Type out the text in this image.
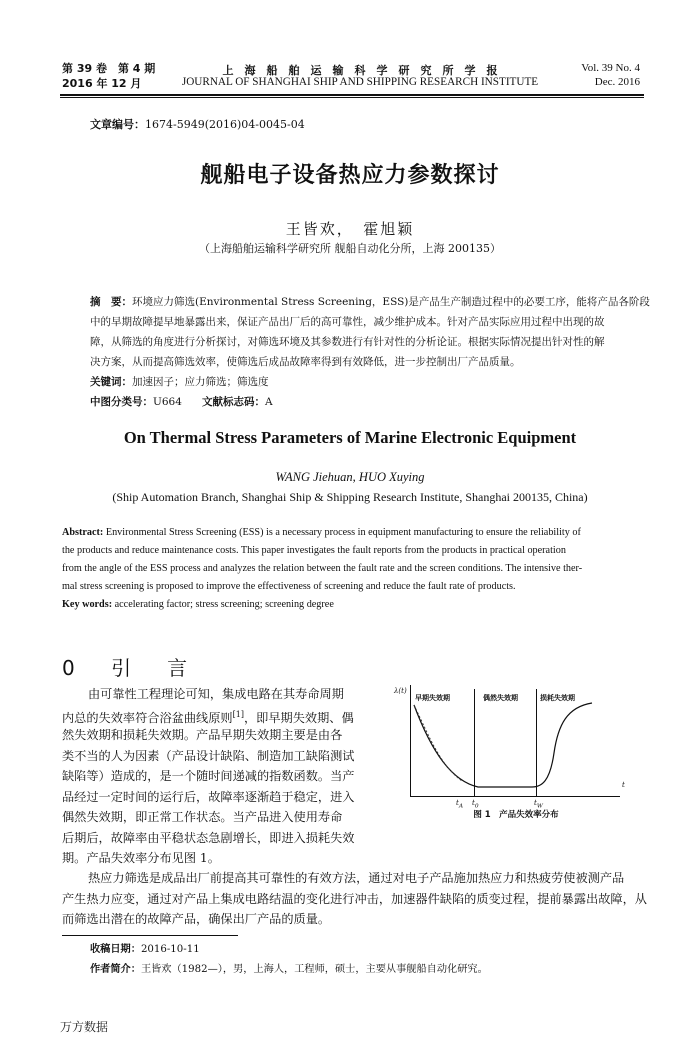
第 39 卷　第 4 期
2016 年 12 月
上　海　船　舶　运　输　科　学　研　究　所　学　报
JOURNAL OF SHANGHAI SHIP AND SHIPPING RESEARCH INSTITUTE
Vol. 39 No. 4
Dec. 2016
文章编号：1674-5949(2016)04-0045-04
舰船电子设备热应力参数探讨
王皆欢，　霍旭颖
（上海船舶运输科学研究所 舰船自动化分所，上海 200135）
摘　要：环境应力筛选(Environmental Stress Screening，ESS)是产品生产制造过程中的必要工序，能将产品各阶段
中的早期故障提早地暴露出来，保证产品出厂后的高可靠性，减少维护成本。针对产品实际应用过程中出现的故
障，从筛选的角度进行分析探讨，对筛选环境及其参数进行有针对性的分析论证。根据实际情况提出针对性的解
决方案，从而提高筛选效率，使筛选后成品故障率得到有效降低，进一步控制出厂产品质量。
关键词：加速因子；应力筛选；筛选度
中图分类号：U664 文献标志码：A
On Thermal Stress Parameters of Marine Electronic Equipment
WANG Jiehuan, HUO Xuying
(Ship Automation Branch, Shanghai Ship & Shipping Research Institute, Shanghai 200135, China)
Abstract: Environmental Stress Screening (ESS) is a necessary process in equipment manufacturing to ensure the reliability of
the products and reduce maintenance costs. This paper investigates the fault reports from the products in practical operation
from the angle of the ESS process and analyzes the relation between the fault rate and the screen conditions. The intensive ther-
mal stress screening is proposed to improve the effectiveness of screening and reduce the fault rate of products.
Key words: accelerating factor; stress screening; screening degree
0 引　言
由可靠性工程理论可知，集成电路在其寿命周期
内总的失效率符合浴盆曲线原则[1]，即早期失效期、偶
然失效期和损耗失效期。产品早期失效期主要是由各
类不当的人为因素（产品设计缺陷、制造加工缺陷测试
缺陷等）造成的，是一个随时间递减的指数函数。当产
品经过一定时间的运行后，故障率逐渐趋于稳定，进入
偶然失效期，即正常工作状态。当产品进入使用寿命
后期后，故障率由平稳状态急剧增长，即进入损耗失效
期。产品失效率分布见图 1。
λ(t)
早期失效期	偶然失效期	损耗失效期
$t_A$ $t_0$	$t_W$
t
图 1　产品失效率分布
热应力筛选是成品出厂前提高其可靠性的有效方法，通过对电子产品施加热应力和热疲劳使被测产品
产生热力应变，通过对产品上集成电路结温的变化进行冲击，加速器件缺陷的质变过程，提前暴露出故障，从
而筛选出潜在的故障产品，确保出厂产品的质量。
收稿日期：2016-10-11
作者简介：王皆欢（1982—），男，上海人，工程师，硕士，主要从事舰船自动化研究。
万方数据
